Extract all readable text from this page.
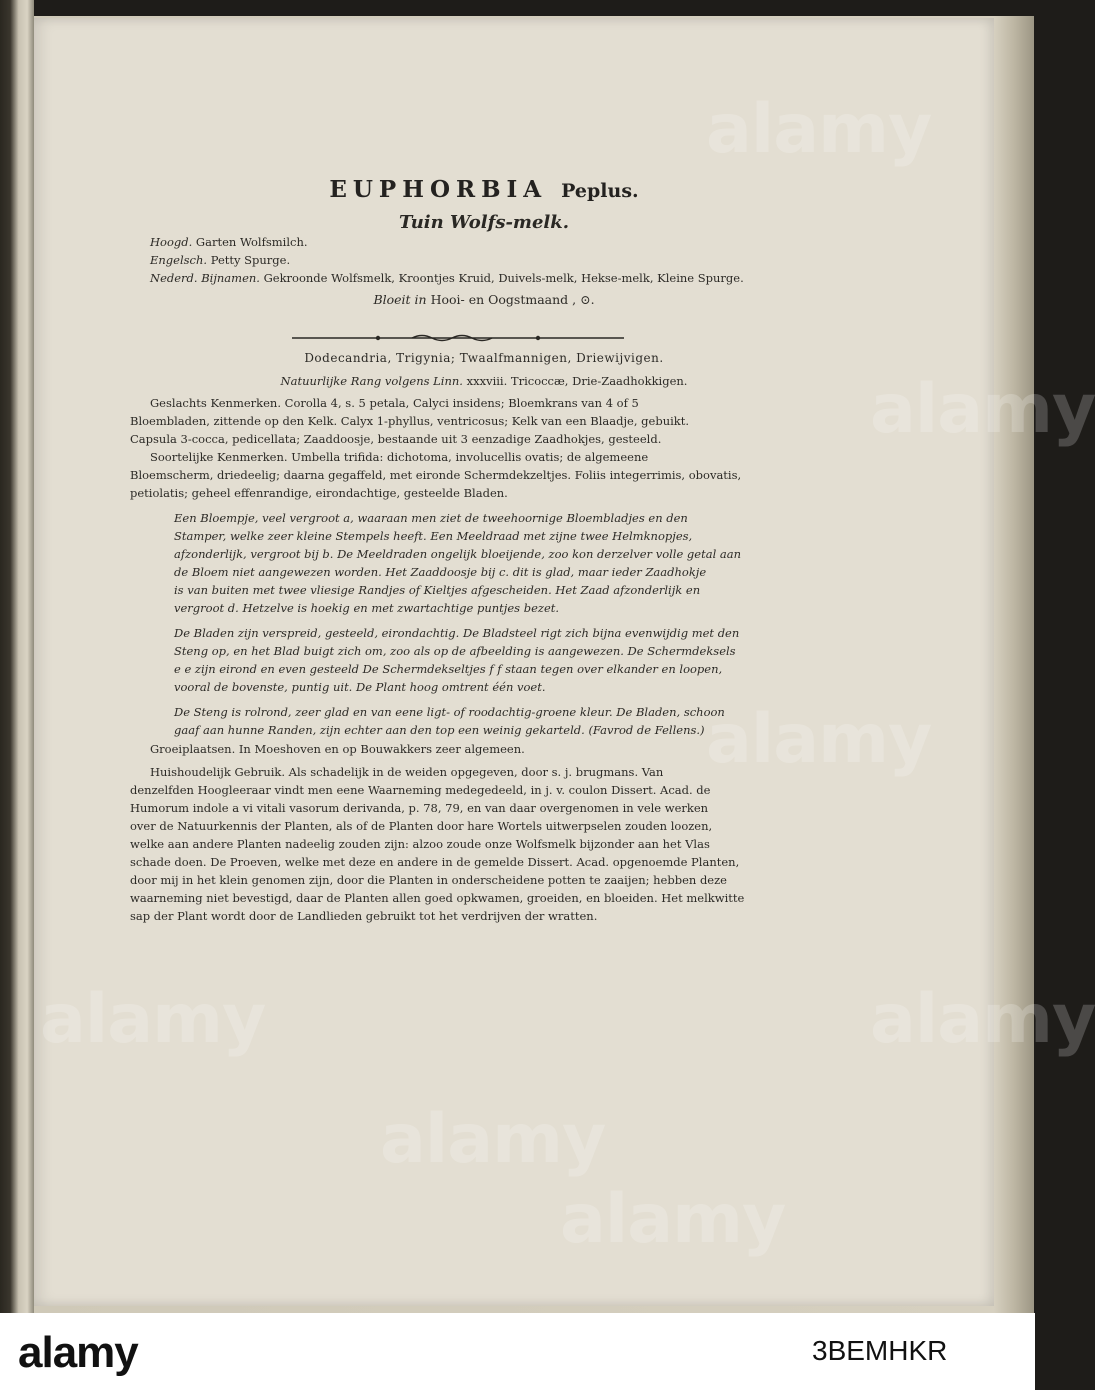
EUPHORBIA Peplus.
Tuin Wolfs-melk.
Hoogd. Garten Wolfsmilch.
Engelsch. Petty Spurge.
Nederd. Bijnamen. Gekroonde Wolfsmelk, Kroontjes Kruid, Duivels-melk, Hekse-melk, Kleine Spurge.
Bloeit in Hooi- en Oogstmaand , ⊙.
Dodecandria, Trigynia; Twaalfmannigen, Driewijvigen.
Natuurlijke Rang volgens Linn. xxxviii. Tricoccæ, Drie-Zaadhokkigen.
Geslachts Kenmerken. Corolla 4, s. 5 petala, Calyci insidens; Bloemkrans van 4 of 5
Bloembladen, zittende op den Kelk. Calyx 1-phyllus, ventricosus; Kelk van een Blaadje, gebuikt.
Capsula 3-cocca, pedicellata; Zaaddoosje, bestaande uit 3 eenzadige Zaadhokjes, gesteeld.
Soortelijke Kenmerken. Umbella trifida: dichotoma, involucellis ovatis; de algemeene
Bloemscherm, driedeelig; daarna gegaffeld, met eironde Schermdekzeltjes. Foliis integerrimis, obovatis,
petiolatis; geheel effenrandige, eirondachtige, gesteelde Bladen.
Een Bloempje, veel vergroot a, waaraan men ziet de tweehoornige Bloembladjes en den
Stamper, welke zeer kleine Stempels heeft. Een Meeldraad met zijne twee Helmknopjes,
afzonderlijk, vergroot bij b. De Meeldraden ongelijk bloeijende, zoo kon derzelver volle getal aan
de Bloem niet aangewezen worden. Het Zaaddoosje bij c. dit is glad, maar ieder Zaadhokje
is van buiten met twee vliesige Randjes of Kieltjes afgescheiden. Het Zaad afzonderlijk en
vergroot d. Hetzelve is hoekig en met zwartachtige puntjes bezet.
De Bladen zijn verspreid, gesteeld, eirondachtig. De Bladsteel rigt zich bijna evenwijdig met den
Steng op, en het Blad buigt zich om, zoo als op de afbeelding is aangewezen. De Schermdeksels
e e zijn eirond en even gesteeld De Schermdekseltjes f f staan tegen over elkander en loopen,
vooral de bovenste, puntig uit. De Plant hoog omtrent één voet.
De Steng is rolrond, zeer glad en van eene ligt- of roodachtig-groene kleur. De Bladen, schoon
gaaf aan hunne Randen, zijn echter aan den top een weinig gekarteld. (Favrod de Fellens.)
Groeiplaatsen. In Moeshoven en op Bouwakkers zeer algemeen.
Huishoudelijk Gebruik. Als schadelijk in de weiden opgegeven, door s. j. brugmans. Van
denzelfden Hoogleeraar vindt men eene Waarneming medegedeeld, in j. v. coulon Dissert. Acad. de
Humorum indole a vi vitali vasorum derivanda, p. 78, 79, en van daar overgenomen in vele werken
over de Natuurkennis der Planten, als of de Planten door hare Wortels uitwerpselen zouden loozen,
welke aan andere Planten nadeelig zouden zijn: alzoo zoude onze Wolfsmelk bijzonder aan het Vlas
schade doen. De Proeven, welke met deze en andere in de gemelde Dissert. Acad. opgenoemde Planten,
door mij in het klein genomen zijn, door die Planten in onderscheidene potten te zaaijen; hebben deze
waarneming niet bevestigd, daar de Planten allen goed opkwamen, groeiden, en bloeiden. Het melkwitte
sap der Plant wordt door de Landlieden gebruikt tot het verdrijven der wratten.
alamy
alamy
alamy
alamy
alamy
alamy
alamy
alamy	3BEMHKR
